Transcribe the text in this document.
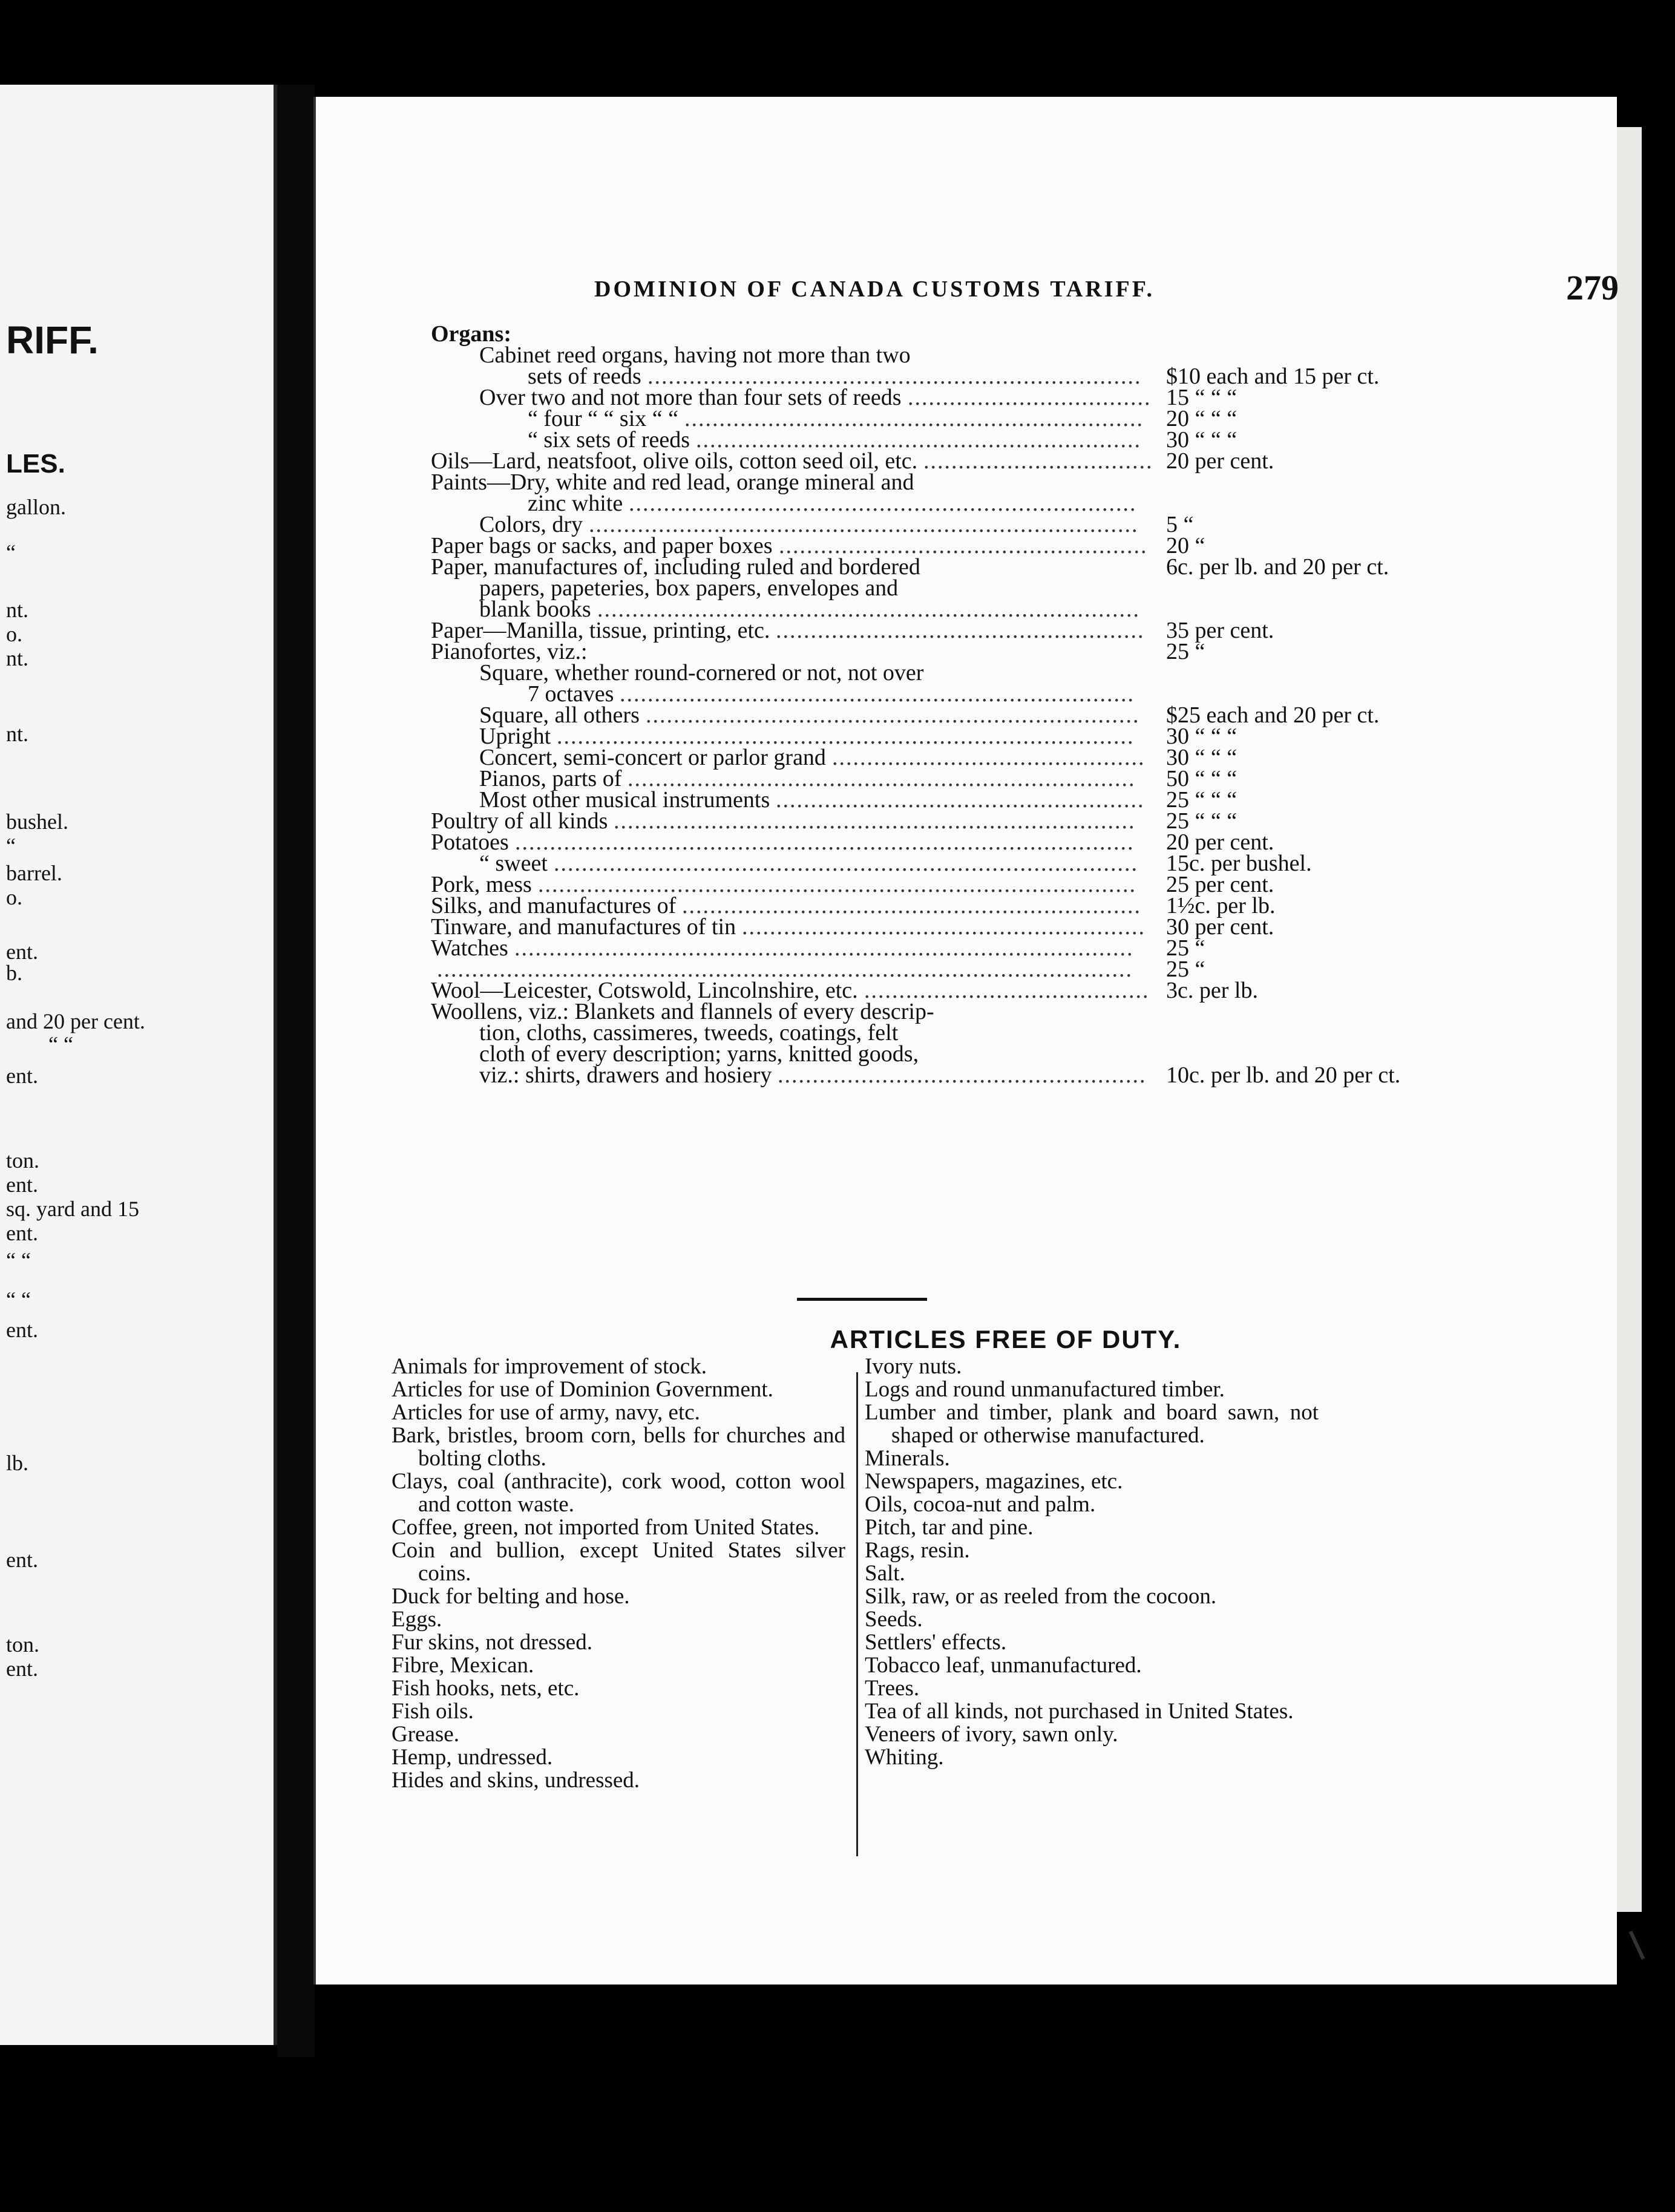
RIFF.
LES.
gallon.
“
nt.
o.
nt.
nt.
bushel.
“
barrel.
o.
ent.
b.
and 20 per cent.
“ “
ent.
ton.
ent.
sq. yard and 15
ent.
“ “
“ “
ent.
lb.
ent.
ton.
ent.
DOMINION OF CANADA CUSTOMS TARIFF.	279
Organs:
Cabinet reed organs, having not more than two
sets of reeds .......................................................................	$10 each and 15 per ct.
Over two and not more than four sets of reeds ................................... 15 “ “ “
“ four “ “ six “ “ .................................................................. 20 “ “ “
“ six sets of reeds ................................................................	30 “ “ “
Oils—Lard, neatsfoot, olive oils, cotton seed oil, etc. ................................. 20 per cent.
Paints—Dry, white and red lead, orange mineral and
zinc white .........................................................................
Colors, dry ...............................................................................	5 “
Paper bags or sacks, and paper boxes ..................................................... 20 “
Paper, manufactures of, including ruled and bordered	6c. per lb. and 20 per ct.
papers, papeteries, box papers, envelopes and
blank books ..............................................................................
Paper—Manilla, tissue, printing, etc. ..................................................... 35 per cent.
Pianofortes, viz.:	25 “
Square, whether round-cornered or not, not over
7 octaves ..........................................................................
Square, all others .......................................................................	$25 each and 20 per ct.
Upright ...................................................................................	30 “ “ “
Concert, semi-concert or parlor grand ............................................. 30 “ “ “
Pianos, parts of .........................................................................	50 “ “ “
Most other musical instruments ..................................................... 25 “ “ “
Poultry of all kinds ...........................................................................	25 “ “ “
Potatoes .........................................................................................	20 per cent.
“ sweet ....................................................................................	15c. per bushel.
Pork, mess ......................................................................................	25 per cent.
Silks, and manufactures of ..................................................................	1½c. per lb.
Tinware, and manufactures of tin .......................................................... 30 per cent.
Watches .........................................................................................	25 “
....................................................................................................	25 “
Wool—Leicester, Cotswold, Lincolnshire, etc. ......................................... 3c. per lb.
Woollens, viz.: Blankets and flannels of every descrip-
tion, cloths, cassimeres, tweeds, coatings, felt
cloth of every description; yarns, knitted goods,
viz.: shirts, drawers and hosiery ..................................................... 10c. per lb. and 20 per ct.
ARTICLES FREE OF DUTY.
Animals for improvement of stock.
Articles for use of Dominion Government.
Articles for use of army, navy, etc.
Bark, bristles, broom corn, bells for churches and bolting cloths.
Clays, coal (anthracite), cork wood, cotton wool and cotton waste.
Coffee, green, not imported from United States.
Coin and bullion, except United States silver coins.
Duck for belting and hose.
Eggs.
Fur skins, not dressed.
Fibre, Mexican.
Fish hooks, nets, etc.
Fish oils.
Grease.
Hemp, undressed.
Hides and skins, undressed.
Ivory nuts.
Logs and round unmanufactured timber.
Lumber and timber, plank and board sawn, not shaped or otherwise manufactured.
Minerals.
Newspapers, magazines, etc.
Oils, cocoa-nut and palm.
Pitch, tar and pine.
Rags, resin.
Salt.
Silk, raw, or as reeled from the cocoon.
Seeds.
Settlers' effects.
Tobacco leaf, unmanufactured.
Trees.
Tea of all kinds, not purchased in United States.
Veneers of ivory, sawn only.
Whiting.
